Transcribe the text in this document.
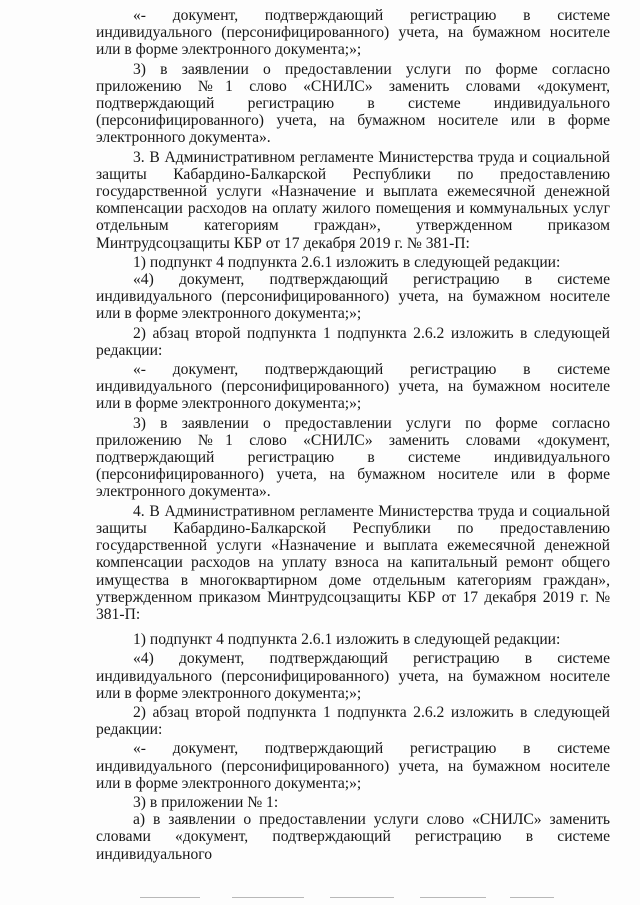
«- документ, подтверждающий регистрацию в системе индивидуального (персонифицированного) учета, на бумажном носителе или в форме электронного документа;»;

3) в заявлении о предоставлении услуги по форме согласно приложению №1 слово «СНИЛС» заменить словами «документ, подтверждающий регистрацию в системе индивидуального (персонифицированного) учета, на бумажном носителе или в форме электронного документа».

3. В Административном регламенте Министерства труда и социальной защиты Кабардино-Балкарской Республики по предоставлению государственной услуги «Назначение и выплата ежемесячной денежной компенсации расходов на оплату жилого помещения и коммунальных услуг отдельным категориям граждан», утвержденном приказом Минтрудсоцзащиты КБР от 17 декабря 2019 г. № 381-П:

1) подпункт 4 подпункта 2.6.1 изложить в следующей редакции:

«4) документ, подтверждающий регистрацию в системе индивидуального (персонифицированного) учета, на бумажном носителе или в форме электронного документа;»;

2) абзац второй подпункта 1 подпункта 2.6.2 изложить в следующей редакции:

«- документ, подтверждающий регистрацию в системе индивидуального (персонифицированного) учета, на бумажном носителе или в форме электронного документа;»;

3) в заявлении о предоставлении услуги по форме согласно приложению №1 слово «СНИЛС» заменить словами «документ, подтверждающий регистрацию в системе индивидуального (персонифицированного) учета, на бумажном носителе или в форме электронного документа».

4. В Административном регламенте Министерства труда и социальной защиты Кабардино-Балкарской Республики по предоставлению государственной услуги «Назначение и выплата ежемесячной денежной компенсации расходов на уплату взноса на капитальный ремонт общего имущества в многоквартирном доме отдельным категориям граждан», утвержденном приказом Минтрудсоцзащиты КБР от 17 декабря 2019 г. № 381-П:

1) подпункт 4 подпункта 2.6.1 изложить в следующей редакции:

«4) документ, подтверждающий регистрацию в системе индивидуального (персонифицированного) учета, на бумажном носителе или в форме электронного документа;»;

2) абзац второй подпункта 1 подпункта 2.6.2 изложить в следующей редакции:

«- документ, подтверждающий регистрацию в системе индивидуального (персонифицированного) учета, на бумажном носителе или в форме электронного документа;»;

3) в приложении № 1:

а) в заявлении о предоставлении услуги слово «СНИЛС» заменить словами «документ, подтверждающий регистрацию в системе индивидуального
